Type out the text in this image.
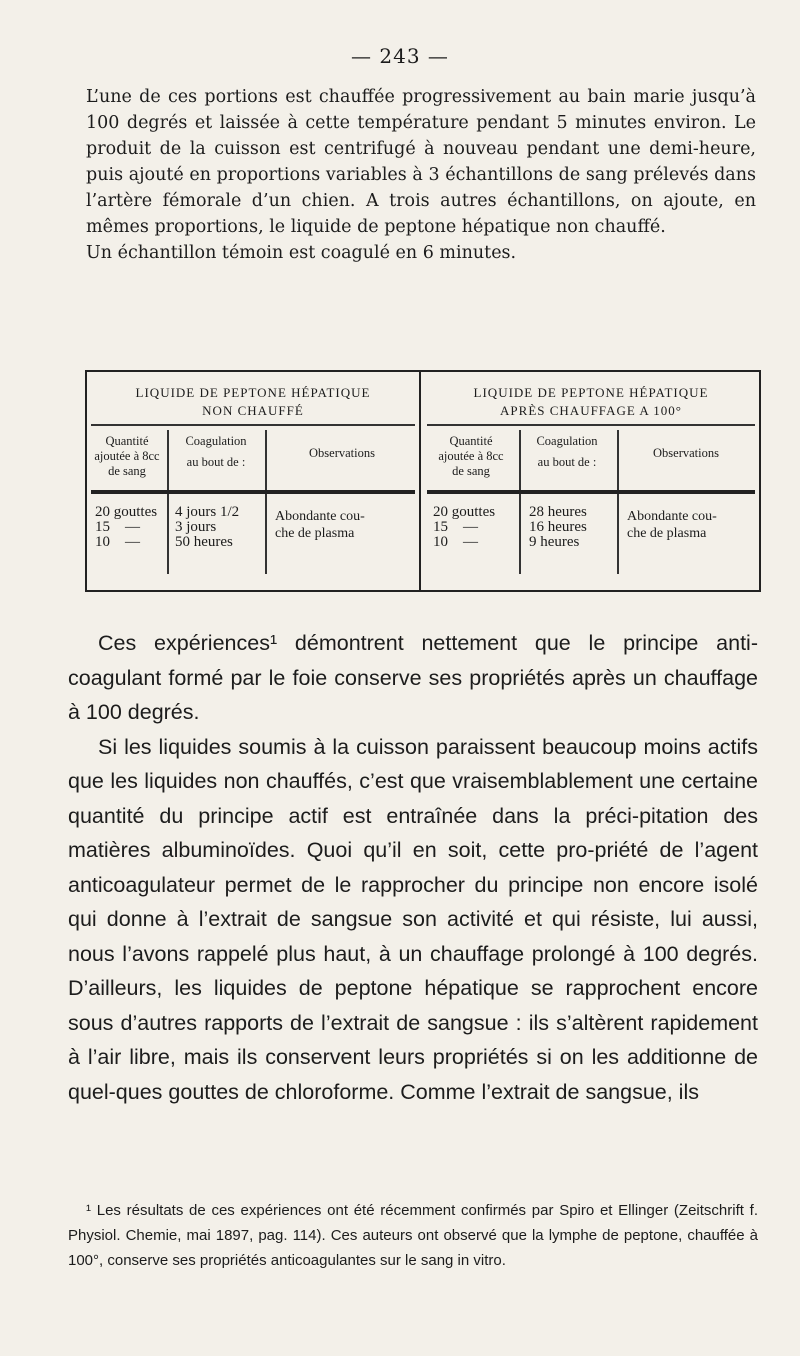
— 243 —

L’une de ces portions est chauffée progressivement au bain marie jusqu’à 100 degrés et laissée à cette température pendant 5 minutes environ. Le produit de la cuisson est centrifugé à nouveau pendant une demi-heure, puis ajouté en proportions variables à 3 échantillons de sang prélevés dans l’artère fémorale d’un chien. A trois autres échantillons, on ajoute, en mêmes proportions, le liquide de peptone hépatique non chauffé.

Un échantillon témoin est coagulé en 6 minutes.

LIQUIDE DE PEPTONE HÉPATIQUE
NON CHAUFFÉ
Quantité
ajoutée à 8cc
de sang
Coagulation
au bout de :
Observations
20 gouttes
15    —
10    —
4 jours 1/2
3 jours
50 heures
Abondante cou-
che de plasma
LIQUIDE DE PEPTONE HÉPATIQUE
APRÈS CHAUFFAGE A 100°
Quantité
ajoutée à 8cc
de sang
Coagulation
au bout de :
Observations
20 gouttes
15    —
10    —
28 heures
16 heures
9 heures
Abondante cou-
che de plasma

Ces expériences¹ démontrent nettement que le principe anti-coagulant formé par le foie conserve ses propriétés après un chauffage à 100 degrés.

Si les liquides soumis à la cuisson paraissent beaucoup moins actifs que les liquides non chauffés, c’est que vraisemblablement une certaine quantité du principe actif est entraînée dans la préci-pitation des matières albuminoïdes. Quoi qu’il en soit, cette pro-priété de l’agent anticoagulateur permet de le rapprocher du principe non encore isolé qui donne à l’extrait de sangsue son activité et qui résiste, lui aussi, nous l’avons rappelé plus haut, à un chauffage prolongé à 100 degrés. D’ailleurs, les liquides de peptone hépatique se rapprochent encore sous d’autres rapports de l’extrait de sangsue : ils s’altèrent rapidement à l’air libre, mais ils conservent leurs propriétés si on les additionne de quel-ques gouttes de chloroforme. Comme l’extrait de sangsue, ils

¹ Les résultats de ces expériences ont été récemment confirmés par Spiro et Ellinger (Zeitschrift f. Physiol. Chemie, mai 1897, pag. 114). Ces auteurs ont observé que la lymphe de peptone, chauffée à 100°, conserve ses propriétés anticoagulantes sur le sang in vitro.
